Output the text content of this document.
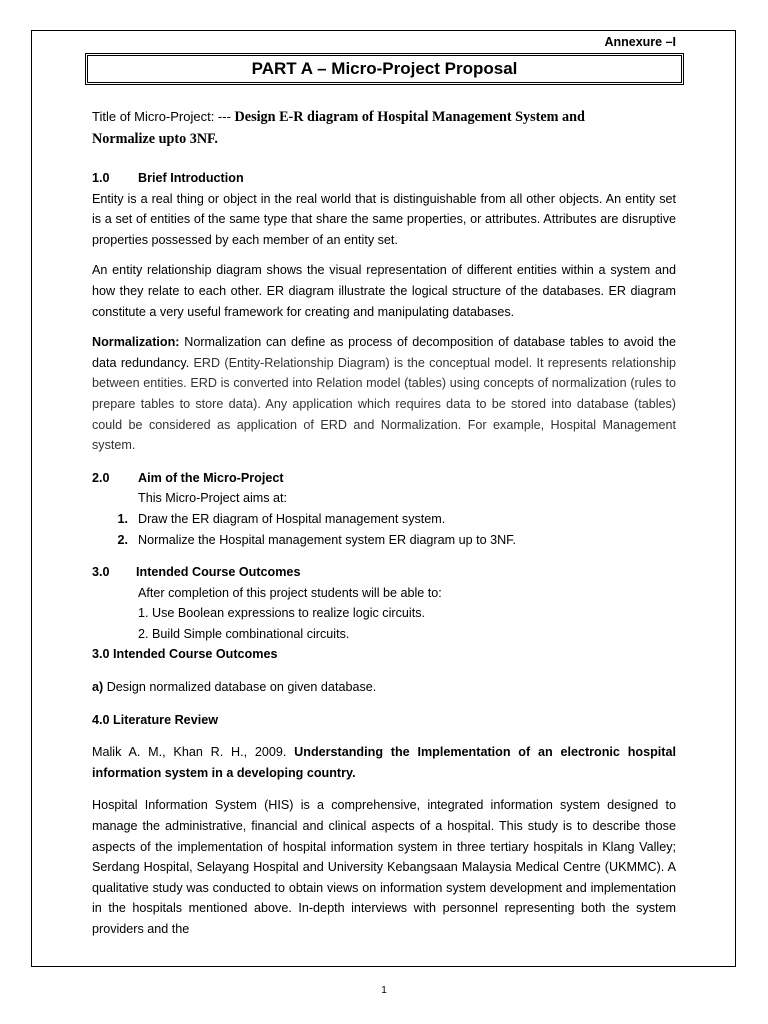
Annexure –I
PART A – Micro-Project Proposal

Title of Micro-Project: --- Design E-R diagram of Hospital Management System and
Normalize upto 3NF.

1.0	Brief Introduction

Entity is a real thing or object in the real world that is distinguishable from all other objects. An entity set is a set of entities of the same type that share the same properties, or attributes. Attributes are disruptive properties possessed by each member of an entity set.

An entity relationship diagram shows the visual representation of different entities within a system and how they relate to each other. ER diagram illustrate the logical structure of the databases. ER diagram constitute a very useful framework for creating and manipulating databases.

Normalization: Normalization can define as process of decomposition of database tables to avoid the data redundancy. ERD (Entity-Relationship Diagram) is the conceptual model. It represents relationship between entities. ERD is converted into Relation model (tables) using concepts of normalization (rules to prepare tables to store data). Any application which requires data to be stored into database (tables) could be considered as application of ERD and Normalization. For example, Hospital Management system.

2.0	Aim of the Micro-Project

This Micro-Project aims at:

1. Draw the ER diagram of Hospital management system.
2. Normalize the Hospital management system ER diagram up to 3NF.
3.0	Intended Course Outcomes

After completion of this project students will be able to:

1. Use Boolean expressions to realize logic circuits.

2. Build Simple combinational circuits.

3.0 Intended Course Outcomes

a) Design normalized database on given database.

4.0 Literature Review

Malik A. M., Khan R. H., 2009. Understanding the Implementation of an electronic hospital information system in a developing country.

Hospital Information System (HIS) is a comprehensive, integrated information system designed to manage the administrative, financial and clinical aspects of a hospital. This study is to describe those aspects of the implementation of hospital information system in three tertiary hospitals in Klang Valley; Serdang Hospital, Selayang Hospital and University Kebangsaan Malaysia Medical Centre (UKMMC). A qualitative study was conducted to obtain views on information system development and implementation in the hospitals mentioned above. In-depth interviews with personnel representing both the system providers and the

1
